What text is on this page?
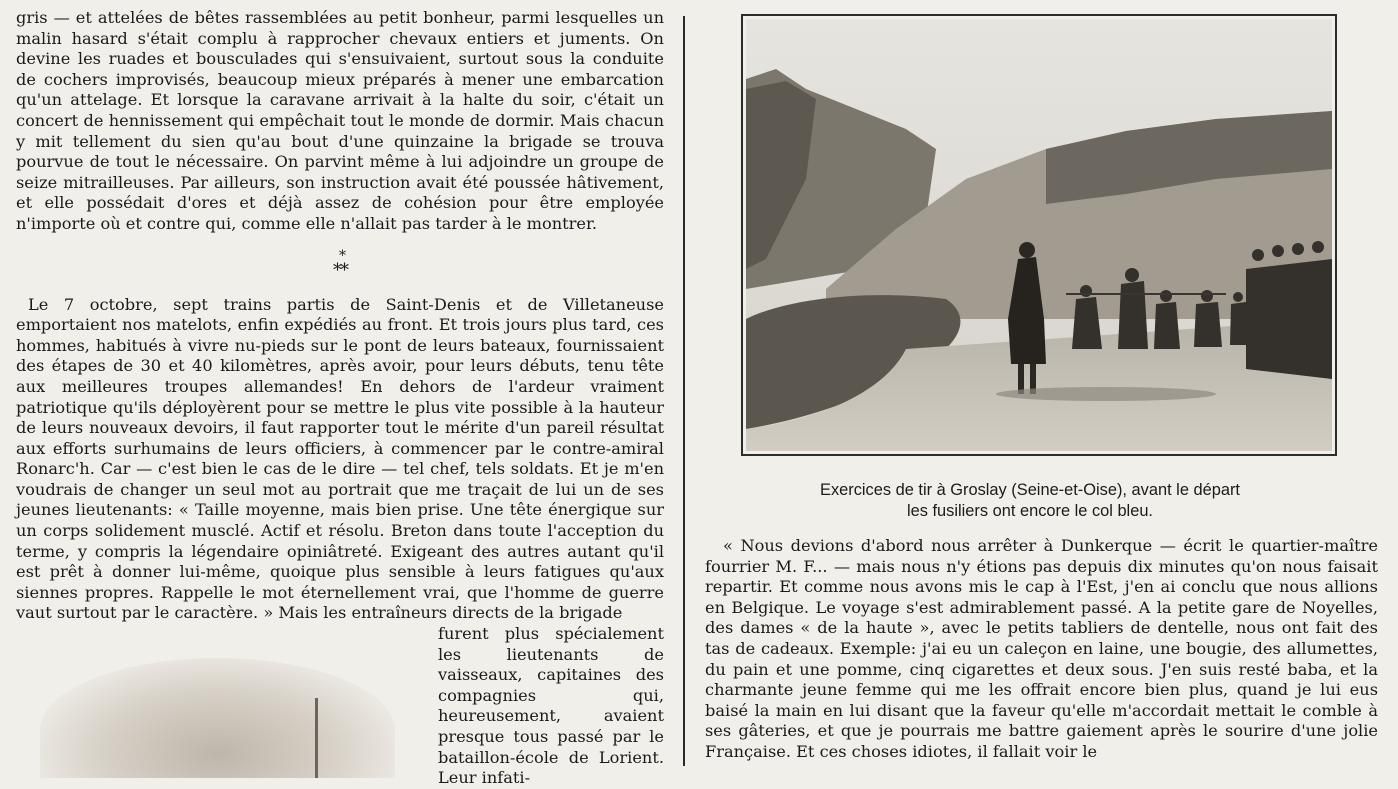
gris — et attelées de bêtes rassemblées au petit bonheur, parmi lesquelles un malin hasard s'était complu à rapprocher chevaux entiers et juments. On devine les ruades et bousculades qui s'ensuivaient, surtout sous la conduite de cochers improvisés, beaucoup mieux préparés à mener une embarcation qu'un attelage. Et lorsque la caravane arrivait à la halte du soir, c'était un concert de hennissement qui empêchait tout le monde de dormir. Mais chacun y mit tellement du sien qu'au bout d'une quinzaine la brigade se trouva pourvue de tout le nécessaire. On parvint même à lui adjoindre un groupe de seize mitrailleuses. Par ailleurs, son instruction avait été poussée hâtivement, et elle possédait d'ores et déjà assez de cohésion pour être employée n'importe où et contre qui, comme elle n'allait pas tarder à le montrer.

*
**

Le 7 octobre, sept trains partis de Saint-Denis et de Villetaneuse emportaient nos matelots, enfin expédiés au front. Et trois jours plus tard, ces hommes, habitués à vivre nu-pieds sur le pont de leurs bateaux, fournissaient des étapes de 30 et 40 kilomètres, après avoir, pour leurs débuts, tenu tête aux meilleures troupes allemandes! En dehors de l'ardeur vraiment patriotique qu'ils déployèrent pour se mettre le plus vite possible à la hauteur de leurs nouveaux devoirs, il faut rapporter tout le mérite d'un pareil résultat aux efforts surhumains de leurs officiers, à commencer par le contre-amiral Ronarc'h. Car — c'est bien le cas de le dire — tel chef, tels soldats. Et je m'en voudrais de changer un seul mot au portrait que me traçait de lui un de ses jeunes lieutenants: « Taille moyenne, mais bien prise. Une tête énergique sur un corps solidement musclé. Actif et résolu. Breton dans toute l'acception du terme, y compris la légendaire opiniâtreté. Exigeant des autres autant qu'il est prêt à donner lui-même, quoique plus sensible à leurs fatigues qu'aux siennes propres. Rappelle le mot éternellement vrai, que l'homme de guerre vaut surtout par le caractère. » Mais les entraîneurs directs de la brigade

furent plus spécialement les lieutenants de vaisseaux, capitaines des compagnies qui, heureusement, avaient presque tous passé par le bataillon-école de Lorient. Leur infati-

Exercices de tir à Groslay (Seine-et-Oise), avant le départ
les fusiliers ont encore le col bleu.

« Nous devions d'abord nous arrêter à Dunkerque — écrit le quartier-maître fourrier M. F... — mais nous n'y étions pas depuis dix minutes qu'on nous faisait repartir. Et comme nous avons mis le cap à l'Est, j'en ai conclu que nous allions en Belgique. Le voyage s'est admirablement passé. A la petite gare de Noyelles, des dames « de la haute », avec le petits tabliers de dentelle, nous ont fait des tas de cadeaux. Exemple: j'ai eu un caleçon en laine, une bougie, des allumettes, du pain et une pomme, cinq cigarettes et deux sous. J'en suis resté baba, et la charmante jeune femme qui me les offrait encore bien plus, quand je lui eus baisé la main en lui disant que la faveur qu'elle m'accordait mettait le comble à ses gâteries, et que je pourrais me battre gaiement après le sourire d'une jolie Française. Et ces choses idiotes, il fallait voir le
